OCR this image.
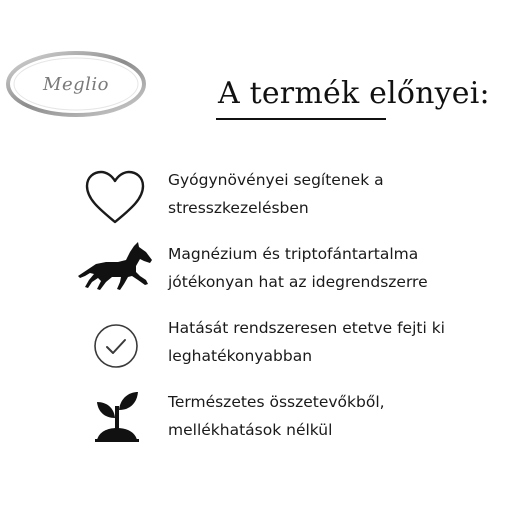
Meglio	A termék előnyei:
Gyógynövényei segítenek a
stresszkezelésben
Magnézium és triptofántartalma
jótékonyan hat az idegrendszerre
Hatását rendszeresen etetve fejti ki
leghatékonyabban
Természetes összetevőkből,
mellékhatások nélkül
